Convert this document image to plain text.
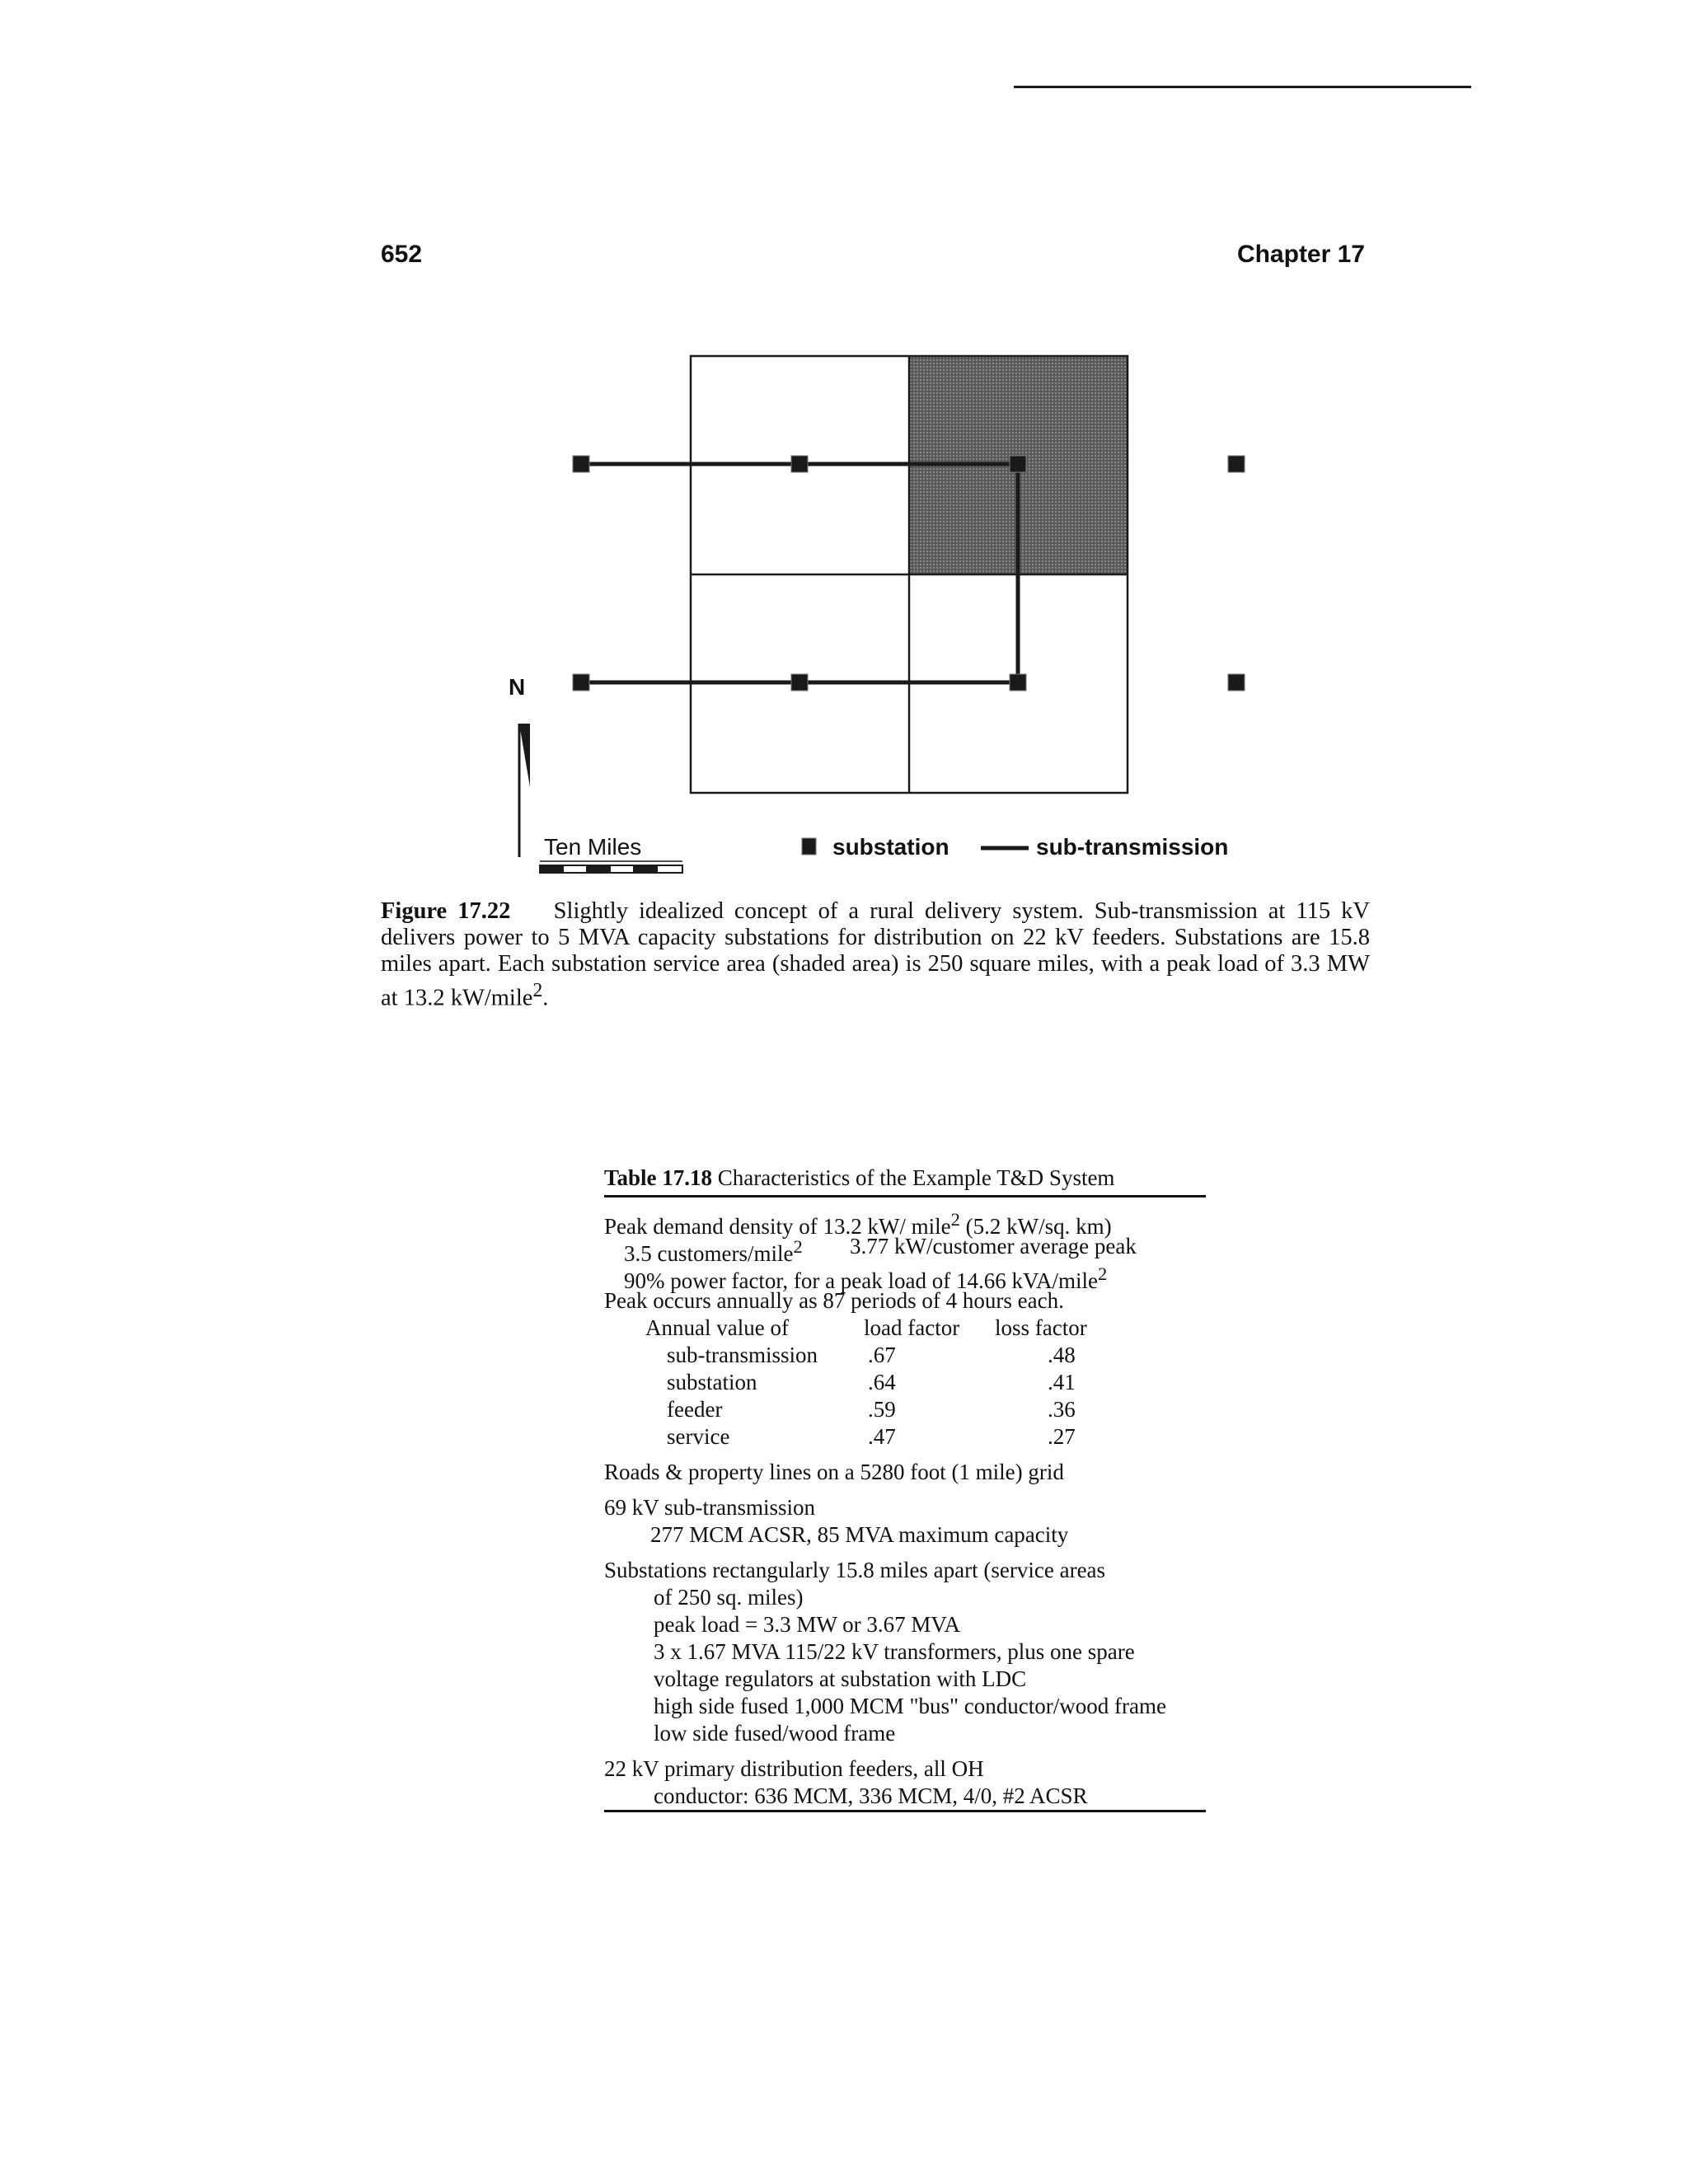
652	Chapter 17
N
Ten Miles	substation	sub-transmission
Figure 17.22 Slightly idealized concept of a rural delivery system. Sub-transmission at 115 kV delivers power to 5 MVA capacity substations for distribution on 22 kV feeders. Substations are 15.8 miles apart. Each substation service area (shaded area) is 250 square miles, with a peak load of 3.3 MW at 13.2 kW/mile$^2$.
Table 17.18 Characteristics of the Example T&D System
Peak demand density of 13.2 kW/ mile$^2$ (5.2 kW/sq. km)
3.5 customers/mile$^2$ 3.77 kW/customer average peak
90% power factor, for a peak load of 14.66 kVA/mile$^2$
Peak occurs annually as 87 periods of 4 hours each.
Annual value of	load factor loss factor
sub-transmission .67	.48
substation	.64	.41
feeder	.59	.36
service	.47	.27
Roads & property lines on a 5280 foot (1 mile) grid
69 kV sub-transmission
277 MCM ACSR, 85 MVA maximum capacity
Substations rectangularly 15.8 miles apart (service areas
of 250 sq. miles)
peak load = 3.3 MW or 3.67 MVA
3 x 1.67 MVA 115/22 kV transformers, plus one spare
voltage regulators at substation with LDC
high side fused 1,000 MCM "bus" conductor/wood frame
low side fused/wood frame
22 kV primary distribution feeders, all OH
conductor: 636 MCM, 336 MCM, 4/0, #2 ACSR
